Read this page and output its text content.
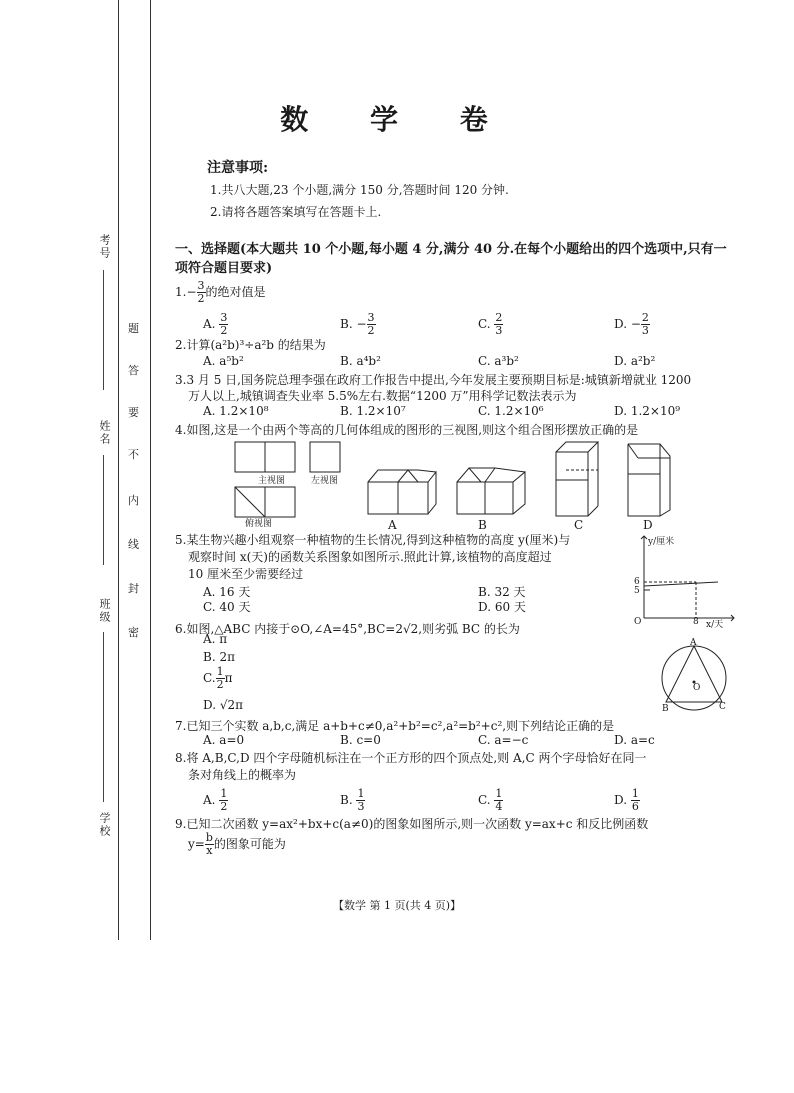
考号
姓名
班级
学校
题
答
要
不
内
线
封
密
数 学 卷
注意事项:
1.共八大题,23 个小题,满分 150 分,答题时间 120 分钟.
2.请将各题答案填写在答题卡上.
一、选择题(本大题共 10 个小题,每小题 4 分,满分 40 分.在每个小题给出的四个选项中,只有一项符合题目要求)
$1.- \frac{3}{2}$ 的绝对值是
A. $\frac{3}{2}$	B. − $\frac{3}{2}$	C. $\frac{2}{3}$	D. − $\frac{2}{3}$
2.计算(a²b)³÷a²b 的结果为
A. a⁵b²	B. a⁴b²	C. a³b²	D. a²b²
3.3 月 5 日,国务院总理李强在政府工作报告中提出,今年发展主要预期目标是:城镇新增就业 1200
万人以上,城镇调查失业率 5.5%左右.数据“1200 万”用科学记数法表示为
A. 1.2×10⁸	B. 1.2×10⁷	C. 1.2×10⁶	D. 1.2×10⁹
4.如图,这是一个由两个等高的几何体组成的图形的三视图,则这个组合图形摆放正确的是
主视图	左视图
俯视图	A	B	C	D
5.某生物兴趣小组观察一种植物的生长情况,得到这种植物的高度 y(厘米)与
观察时间 x(天)的函数关系图象如图所示.照此计算,该植物的高度超过
10 厘米至少需要经过
A. 16 天	B. 32 天
C. 40 天	D. 60 天
y/厘米
6
5
O	8 x/天
6.如图,△ABC 内接于⊙O,∠A=45°,BC=2√2,则劣弧 BC 的长为
A. π
B. 2π
C. $\frac{1}{2}$ π
D. √2π
A
B	C
O
7.已知三个实数 a,b,c,满足 a+b+c≠0,a²+b²=c²,a²=b²+c²,则下列结论正确的是
A. a=0	B. c=0	C. a=−c	D. a=c
8.将 A,B,C,D 四个字母随机标注在一个正方形的四个顶点处,则 A,C 两个字母恰好在同一
条对角线上的概率为
A. $\frac{1}{2}$	B. $\frac{1}{3}$	C. $\frac{1}{4}$	D. $\frac{1}{6}$
9.已知二次函数 y=ax²+bx+c(a≠0)的图象如图所示,则一次函数 y=ax+c 和反比例函数
$y= \frac{b}{x}$ 的图象可能为
【数学 第 1 页(共 4 页)】
